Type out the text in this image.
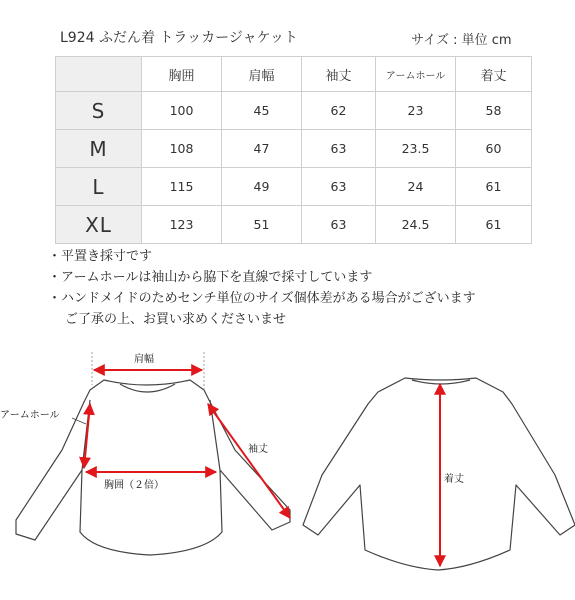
L924 ふだん着 トラッカージャケット	サイズ : 単位 cm
	胸囲	肩幅	袖丈	アームホール	着丈
S	100	45	62	23	58
M	108	47	63	23.5	60
L	115	49	63	24	61
XL	123	51	63	24.5	61
・ 平置き採寸です
・ アームホールは袖山から脇下を直線で採寸しています
・ ハンドメイドのためセンチ単位のサイズ個体差がある場合がございます
ご了承の上、お買い求めくださいませ
肩幅
アームホール
袖丈
胸囲（２倍）
着丈
